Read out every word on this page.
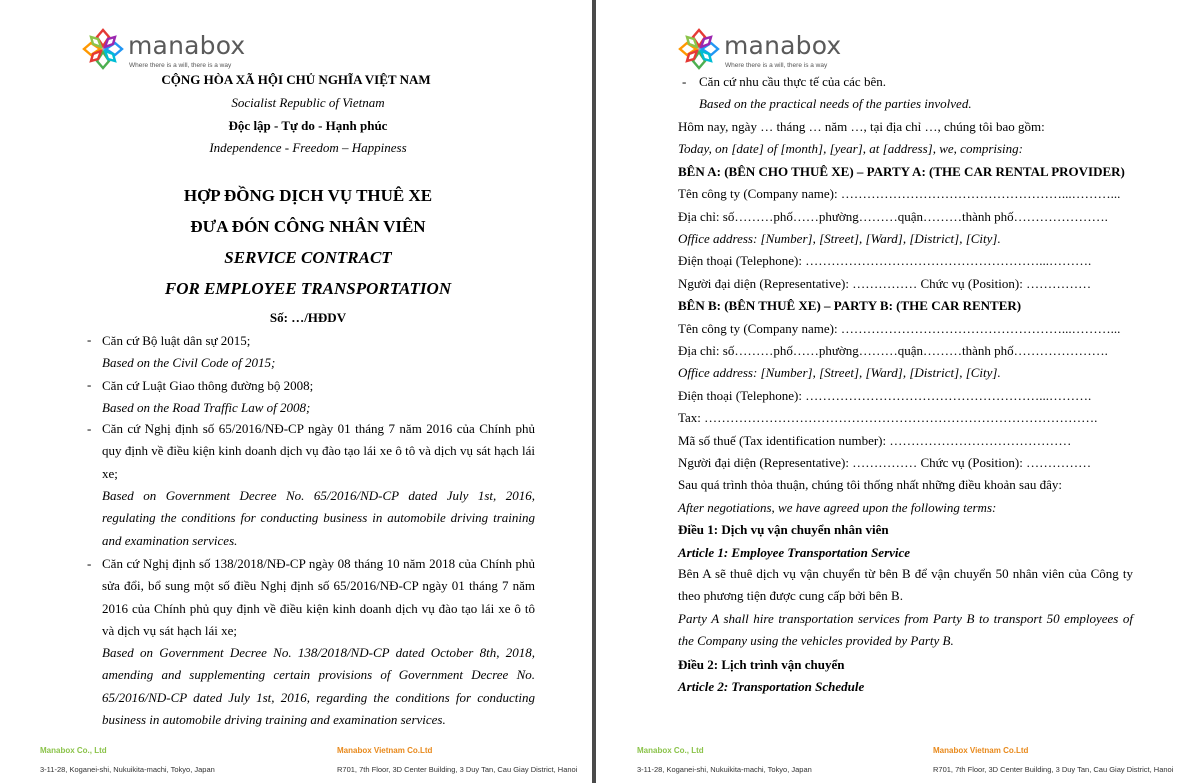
manabox
Where there is a will, there is a way
CỘNG HÒA XÃ HỘI CHỦ NGHĨA VIỆT NAM
Socialist Republic of Vietnam
Độc lập - Tự do - Hạnh phúc
Independence - Freedom – Happiness
HỢP ĐỒNG DỊCH VỤ THUÊ XE
ĐƯA ĐÓN CÔNG NHÂN VIÊN
SERVICE CONTRACT
FOR EMPLOYEE TRANSPORTATION
Số: …/HĐDV
- Căn cứ Bộ luật dân sự 2015;
Based on the Civil Code of 2015;
- Căn cứ Luật Giao thông đường bộ 2008;
Based on the Road Traffic Law of 2008;
- Căn cứ Nghị định số 65/2016/NĐ-CP ngày 01 tháng 7 năm 2016 của Chính phủ quy định về điều kiện kinh doanh dịch vụ đào tạo lái xe ô tô và dịch vụ sát hạch lái xe;
Based on Government Decree No. 65/2016/ND-CP dated July 1st, 2016, regulating the conditions for conducting business in automobile driving training and examination services.
- Căn cứ Nghị định số 138/2018/NĐ-CP ngày 08 tháng 10 năm 2018 của Chính phủ sửa đổi, bổ sung một số điều Nghị định số 65/2016/NĐ-CP ngày 01 tháng 7 năm 2016 của Chính phủ quy định về điều kiện kinh doanh dịch vụ đào tạo lái xe ô tô và dịch vụ sát hạch lái xe;
Based on Government Decree No. 138/2018/ND-CP dated October 8th, 2018, amending and supplementing certain provisions of Government Decree No. 65/2016/ND-CP dated July 1st, 2016, regarding the conditions for conducting business in automobile driving training and examination services.
Manabox Co., Ltd
3-11-28, Koganei-shi, Nukuikita-machi, Tokyo, Japan
Manabox Vietnam Co.Ltd
R701, 7th Floor, 3D Center Building, 3 Duy Tan, Cau Giay District, Hanoi
manabox
Where there is a will, there is a way
- Căn cứ nhu cầu thực tế của các bên.
Based on the practical needs of the parties involved.
Hôm nay, ngày … tháng … năm …, tại địa chỉ …, chúng tôi bao gồm:
Today, on [date] of [month], [year], at [address], we, comprising:
BÊN A: (BÊN CHO THUÊ XE) – PARTY A: (THE CAR RENTAL PROVIDER)
Tên công ty (Company name): ……………………………………………...………...
Địa chỉ: số………phố……phường………quận………thành phố………………….
Office address: [Number], [Street], [Ward], [District], [City].
Điện thoại (Telephone): ………………………………………………...……….
Người đại diện (Representative): …………… Chức vụ (Position): ……………
BÊN B: (BÊN THUÊ XE) – PARTY B: (THE CAR RENTER)
Tên công ty (Company name): ……………………………………………...………...
Địa chỉ: số………phố……phường………quận………thành phố………………….
Office address: [Number], [Street], [Ward], [District], [City].
Điện thoại (Telephone): ………………………………………………...……….
Tax: ……………………………………………………………………………….
Mã số thuế (Tax identification number): ……………………………………
Người đại diện (Representative): …………… Chức vụ (Position): ……………
Sau quá trình thỏa thuận, chúng tôi thống nhất những điều khoản sau đây:
After negotiations, we have agreed upon the following terms:
Điều 1: Dịch vụ vận chuyển nhân viên
Article 1: Employee Transportation Service
Bên A sẽ thuê dịch vụ vận chuyển từ bên B để vận chuyển 50 nhân viên của Công ty theo phương tiện được cung cấp bởi bên B.
Party A shall hire transportation services from Party B to transport 50 employees of the Company using the vehicles provided by Party B.
Điều 2: Lịch trình vận chuyển
Article 2: Transportation Schedule
Manabox Co., Ltd
3-11-28, Koganei-shi, Nukuikita-machi, Tokyo, Japan
Manabox Vietnam Co.Ltd
R701, 7th Floor, 3D Center Building, 3 Duy Tan, Cau Giay District, Hanoi
